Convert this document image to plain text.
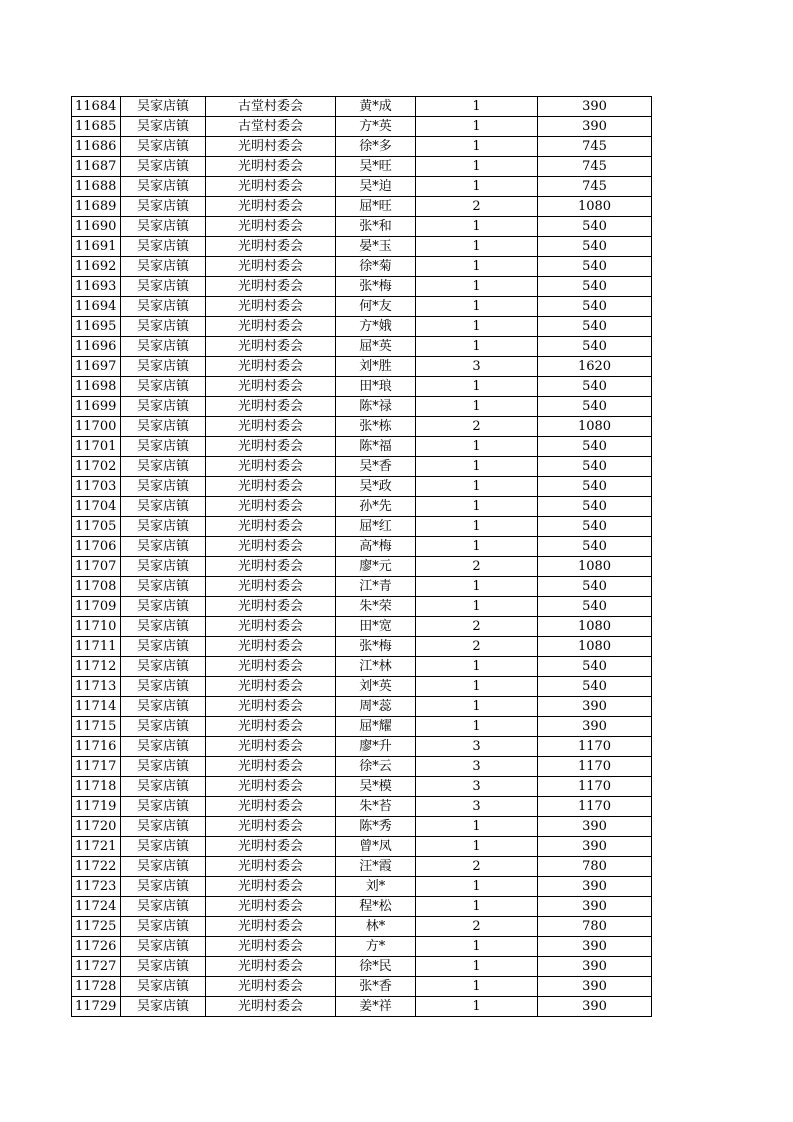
11684	吴家店镇	古堂村委会	黄*成	1	390
11685	吴家店镇	古堂村委会	方*英	1	390
11686	吴家店镇	光明村委会	徐*多	1	745
11687	吴家店镇	光明村委会	吴*旺	1	745
11688	吴家店镇	光明村委会	吴*迫	1	745
11689	吴家店镇	光明村委会	屈*旺	2	1080
11690	吴家店镇	光明村委会	张*和	1	540
11691	吴家店镇	光明村委会	晏*玉	1	540
11692	吴家店镇	光明村委会	徐*菊	1	540
11693	吴家店镇	光明村委会	张*梅	1	540
11694	吴家店镇	光明村委会	何*友	1	540
11695	吴家店镇	光明村委会	方*娥	1	540
11696	吴家店镇	光明村委会	屈*英	1	540
11697	吴家店镇	光明村委会	刘*胜	3	1620
11698	吴家店镇	光明村委会	田*琅	1	540
11699	吴家店镇	光明村委会	陈*禄	1	540
11700	吴家店镇	光明村委会	张*栋	2	1080
11701	吴家店镇	光明村委会	陈*福	1	540
11702	吴家店镇	光明村委会	吴*香	1	540
11703	吴家店镇	光明村委会	吴*政	1	540
11704	吴家店镇	光明村委会	孙*先	1	540
11705	吴家店镇	光明村委会	屈*红	1	540
11706	吴家店镇	光明村委会	高*梅	1	540
11707	吴家店镇	光明村委会	廖*元	2	1080
11708	吴家店镇	光明村委会	江*青	1	540
11709	吴家店镇	光明村委会	朱*荣	1	540
11710	吴家店镇	光明村委会	田*宽	2	1080
11711	吴家店镇	光明村委会	张*梅	2	1080
11712	吴家店镇	光明村委会	江*林	1	540
11713	吴家店镇	光明村委会	刘*英	1	540
11714	吴家店镇	光明村委会	周*蕊	1	390
11715	吴家店镇	光明村委会	屈*耀	1	390
11716	吴家店镇	光明村委会	廖*升	3	1170
11717	吴家店镇	光明村委会	徐*云	3	1170
11718	吴家店镇	光明村委会	吴*模	3	1170
11719	吴家店镇	光明村委会	朱*苔	3	1170
11720	吴家店镇	光明村委会	陈*秀	1	390
11721	吴家店镇	光明村委会	曾*凤	1	390
11722	吴家店镇	光明村委会	汪*霞	2	780
11723	吴家店镇	光明村委会	刘*	1	390
11724	吴家店镇	光明村委会	程*松	1	390
11725	吴家店镇	光明村委会	林*	2	780
11726	吴家店镇	光明村委会	方*	1	390
11727	吴家店镇	光明村委会	徐*民	1	390
11728	吴家店镇	光明村委会	张*香	1	390
11729	吴家店镇	光明村委会	姜*祥	1	390
